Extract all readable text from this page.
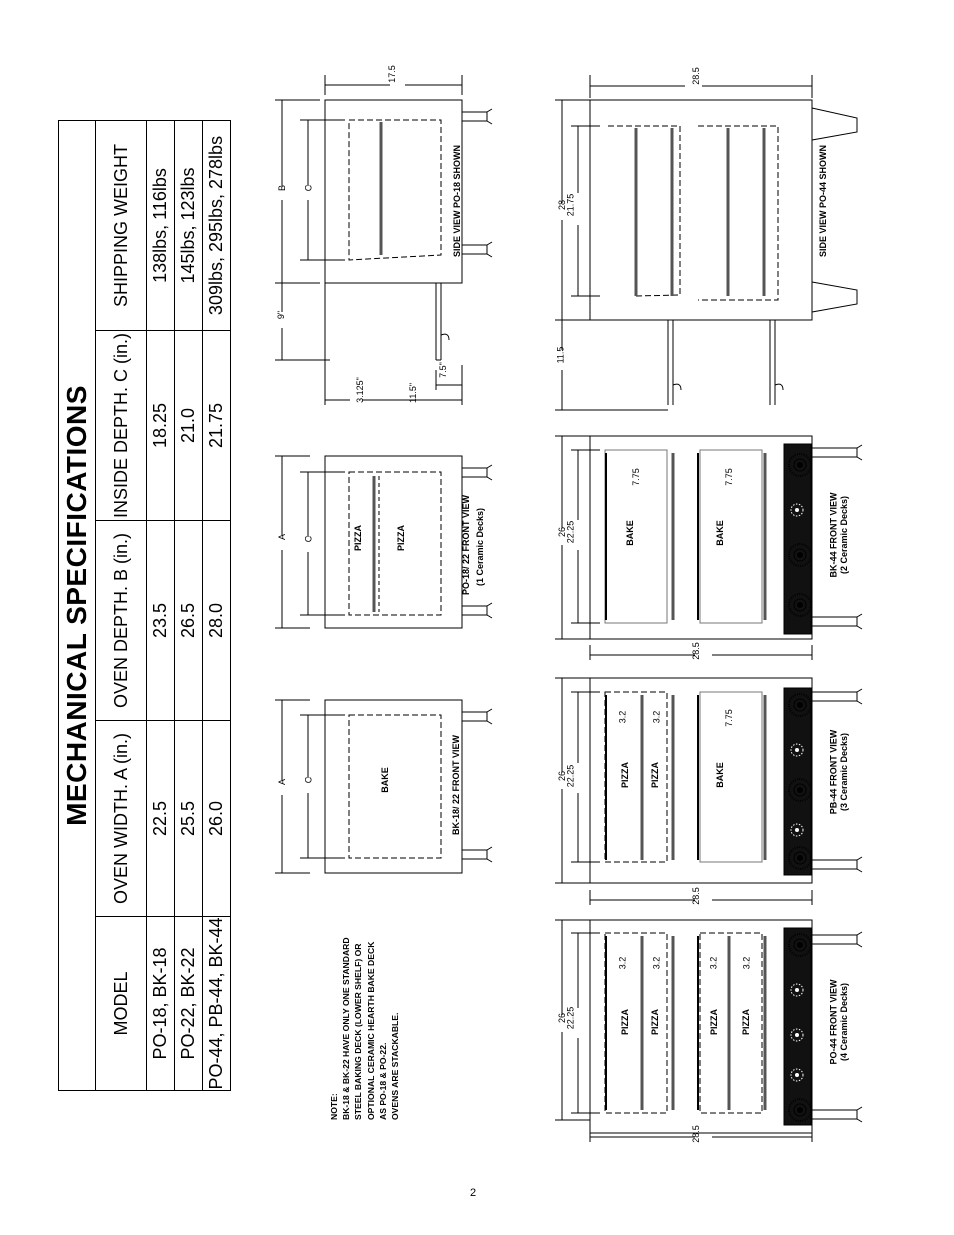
MECHANICAL SPECIFICATIONS				
MODEL	OVEN WIDTH. A (in.)	OVEN DEPTH. B (in.)	INSIDE DEPTH. C (in.)	SHIPPING WEIGHT
PO-18, BK-18	22.5	23.5	18.25	138lbs, 116lbs
PO-22, BK-22	25.5	26.5	21.0	145lbs, 123lbs
PO-44, PB-44, BK-44	26.0	28.0	21.75	309lbs, 295lbs, 278lbs
NOTE: BK-18 & BK-22 HAVE ONLY ONE STANDARD STEEL BAKING DECK (LOWER SHELF) OR OPTIONAL CERAMIC HEARTH BAKE DECK AS PO-18 & PO-22. OVENS ARE STACKABLE.
BAKE
A C	BK-18/ 22 FRONT VIEW
PIZZA	PIZZA
A C	PO-18/ 22 FRONT VIEW (1 Ceramic Decks)
17.5
B C
9"
3.125"	11.5"
7.5"
SIDE VIEW PO-18 SHOWN
PIZZA PIZZA	PIZZA PIZZA
3.2	3.2	3.2	3.2
26
22.25
28.5
PO-44 FRONT VIEW (4 Ceramic Decks)
PIZZA PIZZA	BAKE
3.2	3.2	7.75
26
22.25
28.5
PB-44 FRONT VIEW (3 Ceramic Decks)
BAKE	BAKE
7.75	7.75
26
22.25
28.5
BK-44 FRONT VIEW (2 Ceramic Decks)
28.5
28
21.75
11.5
SIDE VIEW PO-44 SHOWN
2
